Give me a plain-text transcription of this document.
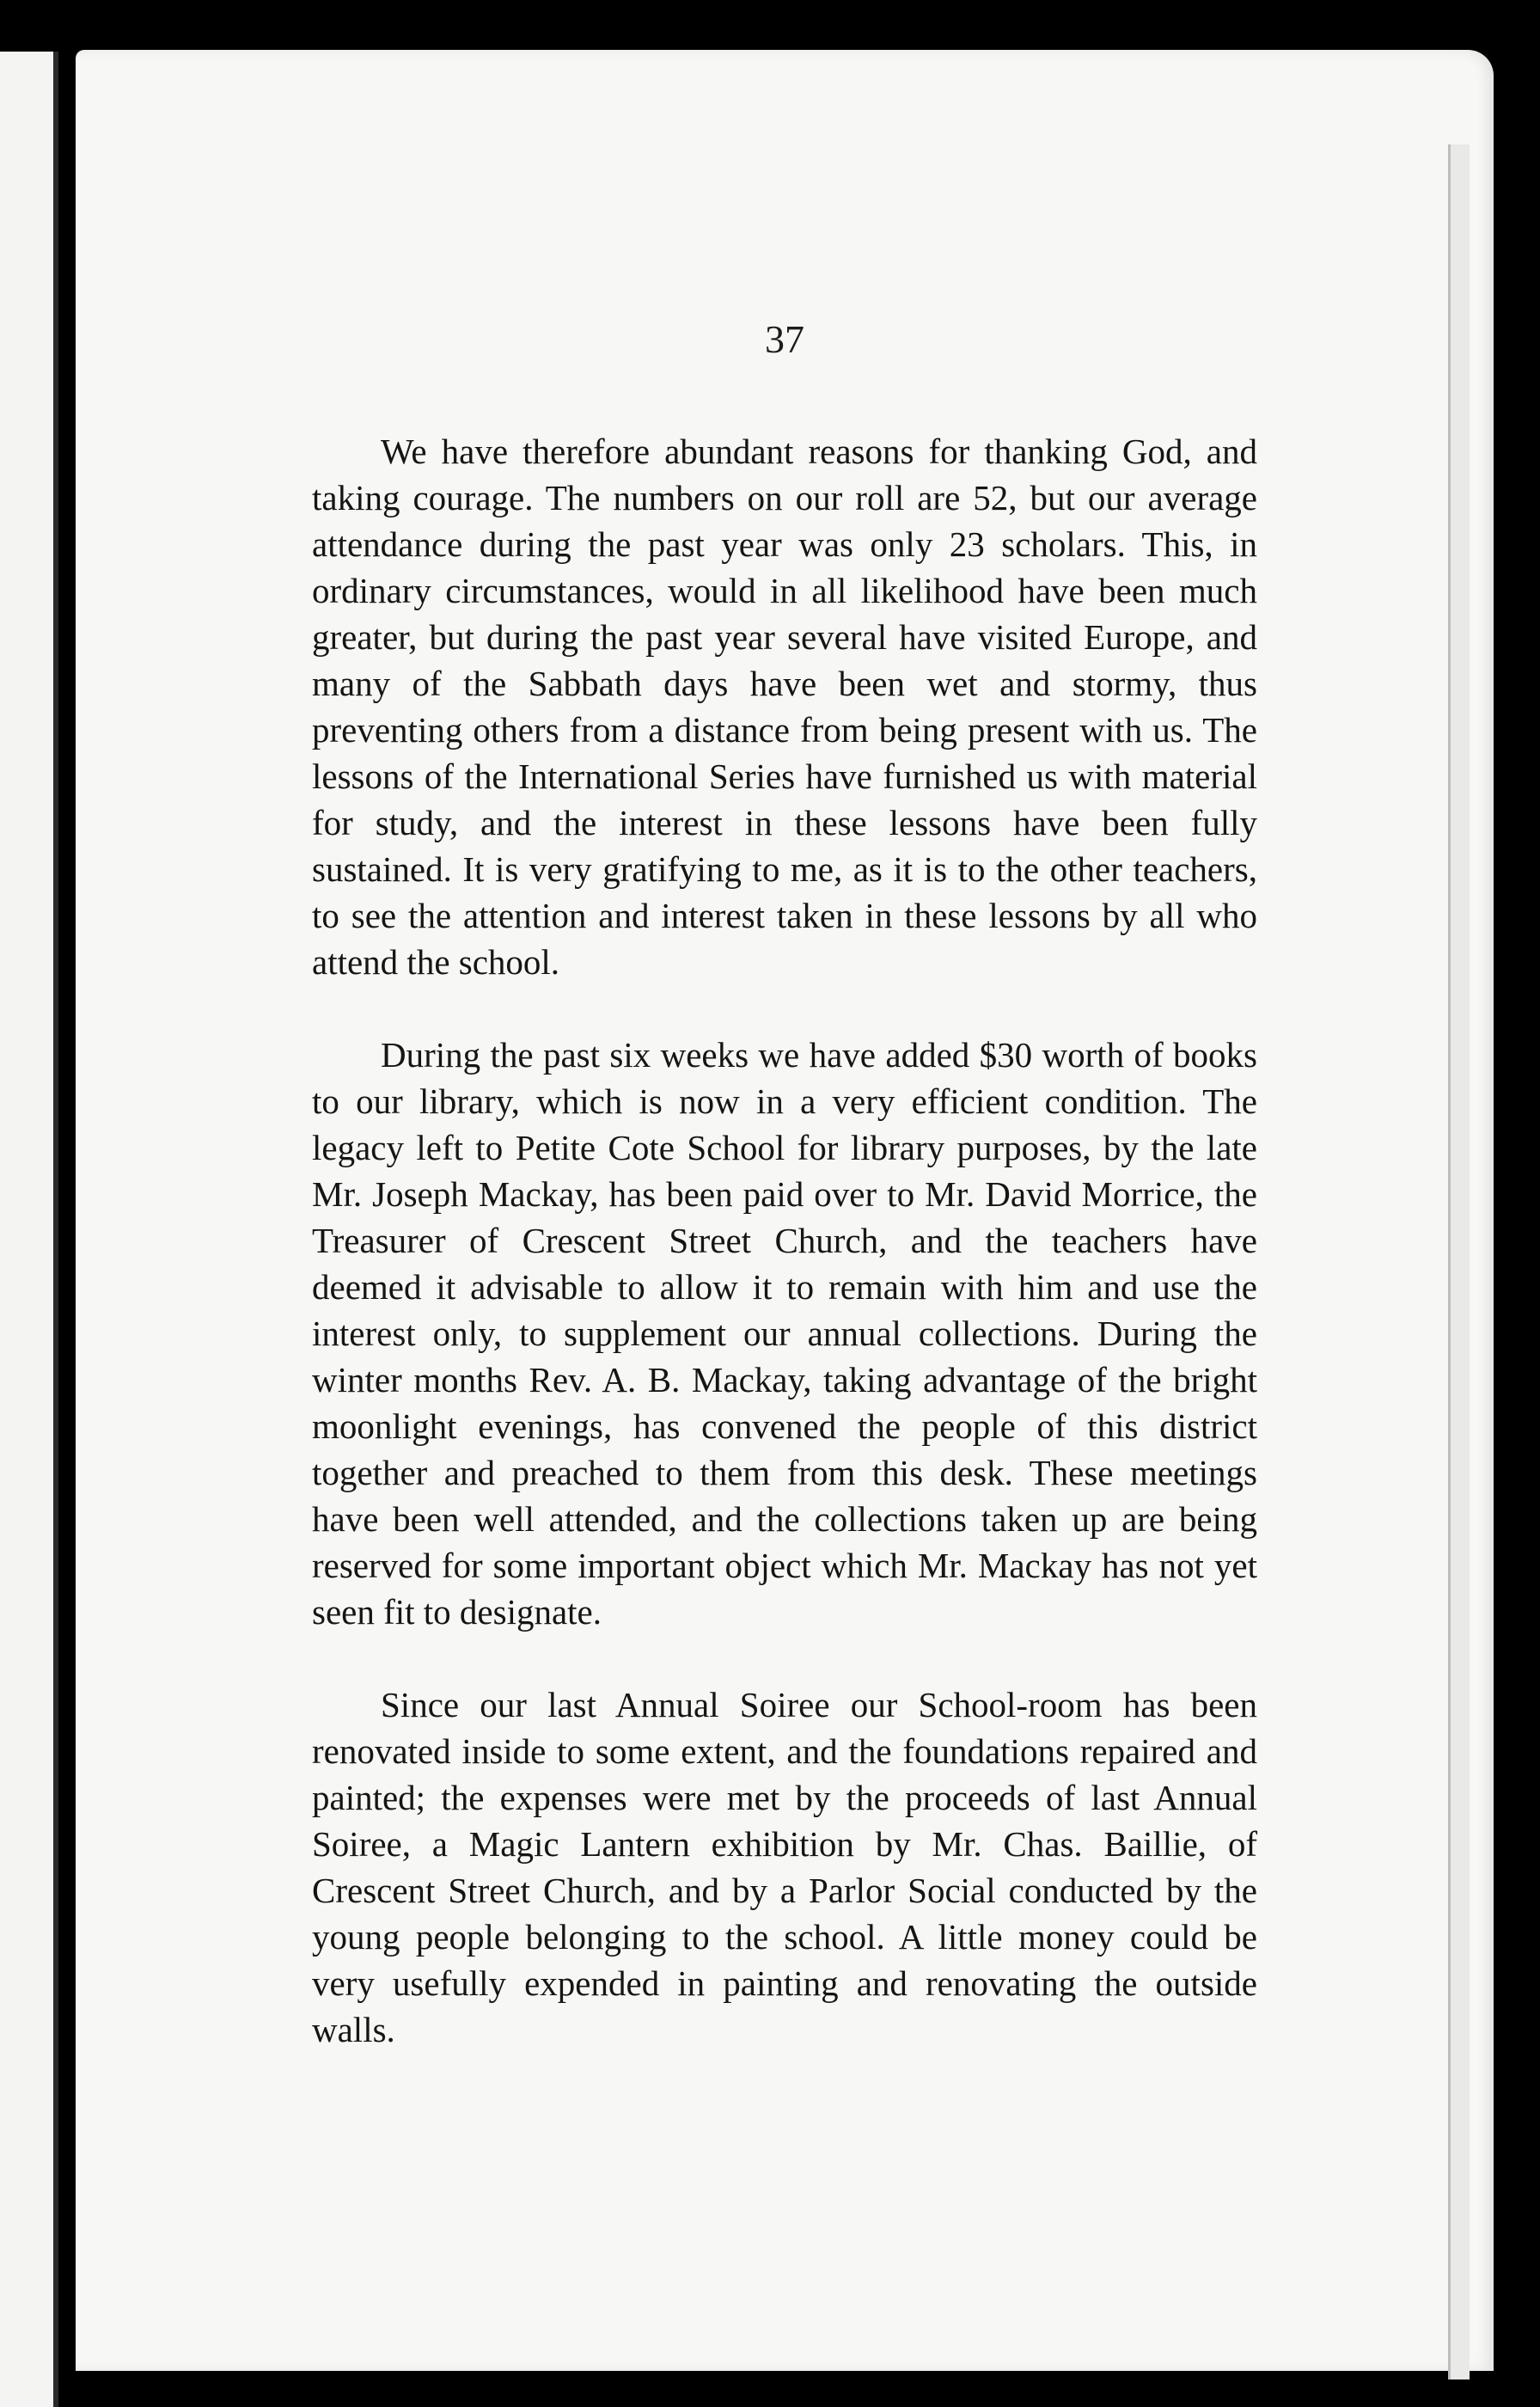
37

We have therefore abundant reasons for thanking God, and taking courage. The numbers on our roll are 52, but our average attendance during the past year was only 23 scholars. This, in ordinary circumstances, would in all likelihood have been much greater, but during the past year several have visited Europe, and many of the Sabbath days have been wet and stormy, thus preventing others from a distance from being present with us. The lessons of the International Series have furnished us with material for study, and the interest in these lessons have been fully sustained. It is very gratifying to me, as it is to the other teachers, to see the attention and interest taken in these lessons by all who attend the school.

During the past six weeks we have added $30 worth of books to our library, which is now in a very efficient condition. The legacy left to Petite Cote School for library purposes, by the late Mr. Joseph Mackay, has been paid over to Mr. David Morrice, the Treasurer of Crescent Street Church, and the teachers have deemed it advisable to allow it to remain with him and use the interest only, to supplement our annual collections. During the winter months Rev. A. B. Mackay, taking advantage of the bright moonlight evenings, has convened the people of this district together and preached to them from this desk. These meetings have been well attended, and the collections taken up are being reserved for some important object which Mr. Mackay has not yet seen fit to designate.

Since our last Annual Soiree our School-room has been renovated inside to some extent, and the foundations repaired and painted; the expenses were met by the proceeds of last Annual Soiree, a Magic Lantern exhibition by Mr. Chas. Baillie, of Crescent Street Church, and by a Parlor Social conducted by the young people belonging to the school. A little money could be very usefully expended in painting and renovating the outside walls.
